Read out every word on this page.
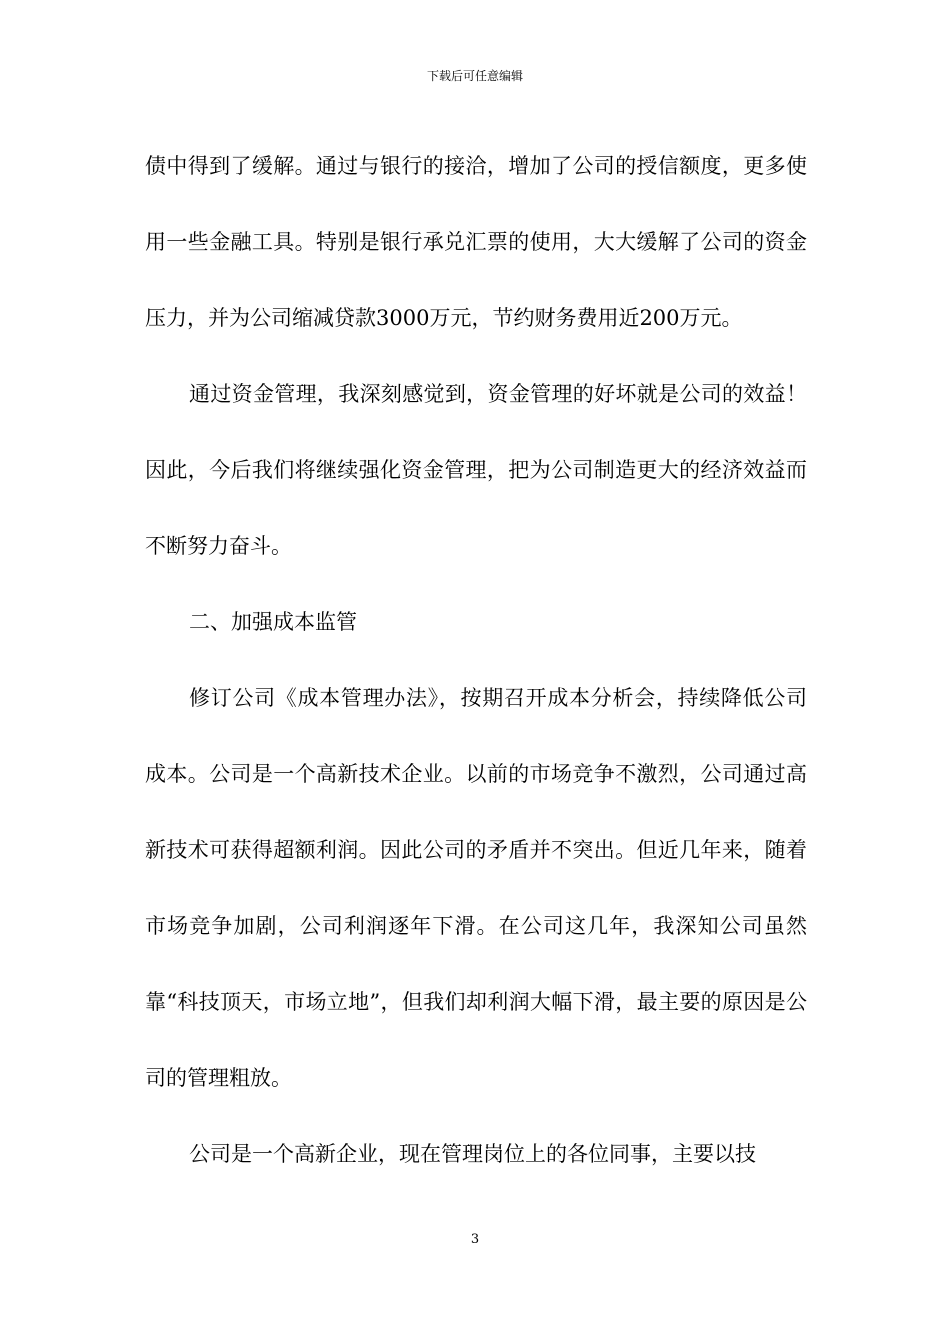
下载后可任意编辑

债中得到了缓解。通过与银行的接洽，增加了公司的授信额度，更多使用一些金融工具。特别是银行承兑汇票的使用，大大缓解了公司的资金压力，并为公司缩减贷款3000万元，节约财务费用近200万元。

通过资金管理，我深刻感觉到，资金管理的好坏就是公司的效益！因此，今后我们将继续强化资金管理，把为公司制造更大的经济效益而不断努力奋斗。

二、加强成本监管

修订公司《成本管理办法》，按期召开成本分析会，持续降低公司成本。公司是一个高新技术企业。以前的市场竞争不激烈，公司通过高新技术可获得超额利润。因此公司的矛盾并不突出。但近几年来，随着市场竞争加剧，公司利润逐年下滑。在公司这几年，我深知公司虽然靠“科技顶天，市场立地”，但我们却利润大幅下滑，最主要的原因是公司的管理粗放。

公司是一个高新企业，现在管理岗位上的各位同事，主要以技

3
